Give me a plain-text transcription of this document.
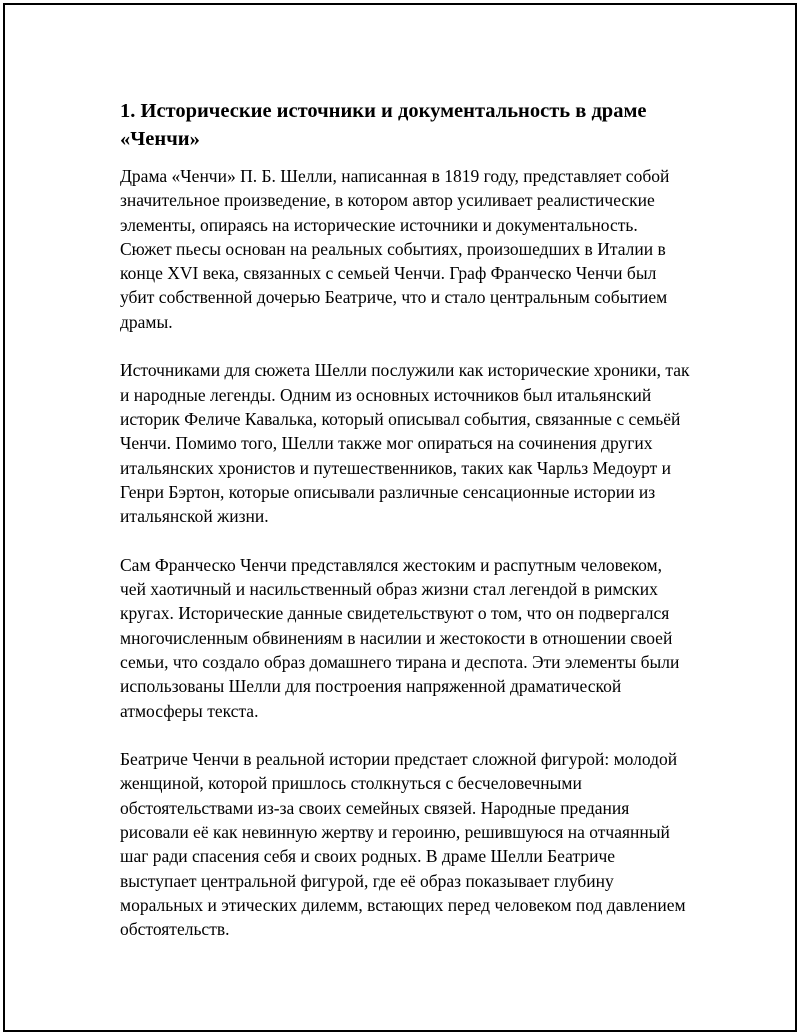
1. Исторические источники и документальность в драме «Ченчи»

Драма «Ченчи» П. Б. Шелли, написанная в 1819 году, представляет собой значительное произведение, в котором автор усиливает реалистические элементы, опираясь на исторические источники и документальность. Сюжет пьесы основан на реальных событиях, произошедших в Италии в конце XVI века, связанных с семьей Ченчи. Граф Франческо Ченчи был убит собственной дочерью Беатриче, что и стало центральным событием драмы.

Источниками для сюжета Шелли послужили как исторические хроники, так и народные легенды. Одним из основных источников был итальянский историк Феличе Кавалька, который описывал события, связанные с семьёй Ченчи. Помимо того, Шелли также мог опираться на сочинения других итальянских хронистов и путешественников, таких как Чарльз Медоурт и Генри Бэртон, которые описывали различные сенсационные истории из итальянской жизни.

Сам Франческо Ченчи представлялся жестоким и распутным человеком, чей хаотичный и насильственный образ жизни стал легендой в римских кругах. Исторические данные свидетельствуют о том, что он подвергался многочисленным обвинениям в насилии и жестокости в отношении своей семьи, что создало образ домашнего тирана и деспота. Эти элементы были использованы Шелли для построения напряженной драматической атмосферы текста.

Беатриче Ченчи в реальной истории предстает сложной фигурой: молодой женщиной, которой пришлось столкнуться с бесчеловечными обстоятельствами из-за своих семейных связей. Народные предания рисовали её как невинную жертву и героиню, решившуюся на отчаянный шаг ради спасения себя и своих родных. В драме Шелли Беатриче выступает центральной фигурой, где её образ показывает глубину моральных и этических дилемм, встающих перед человеком под давлением обстоятельств.
